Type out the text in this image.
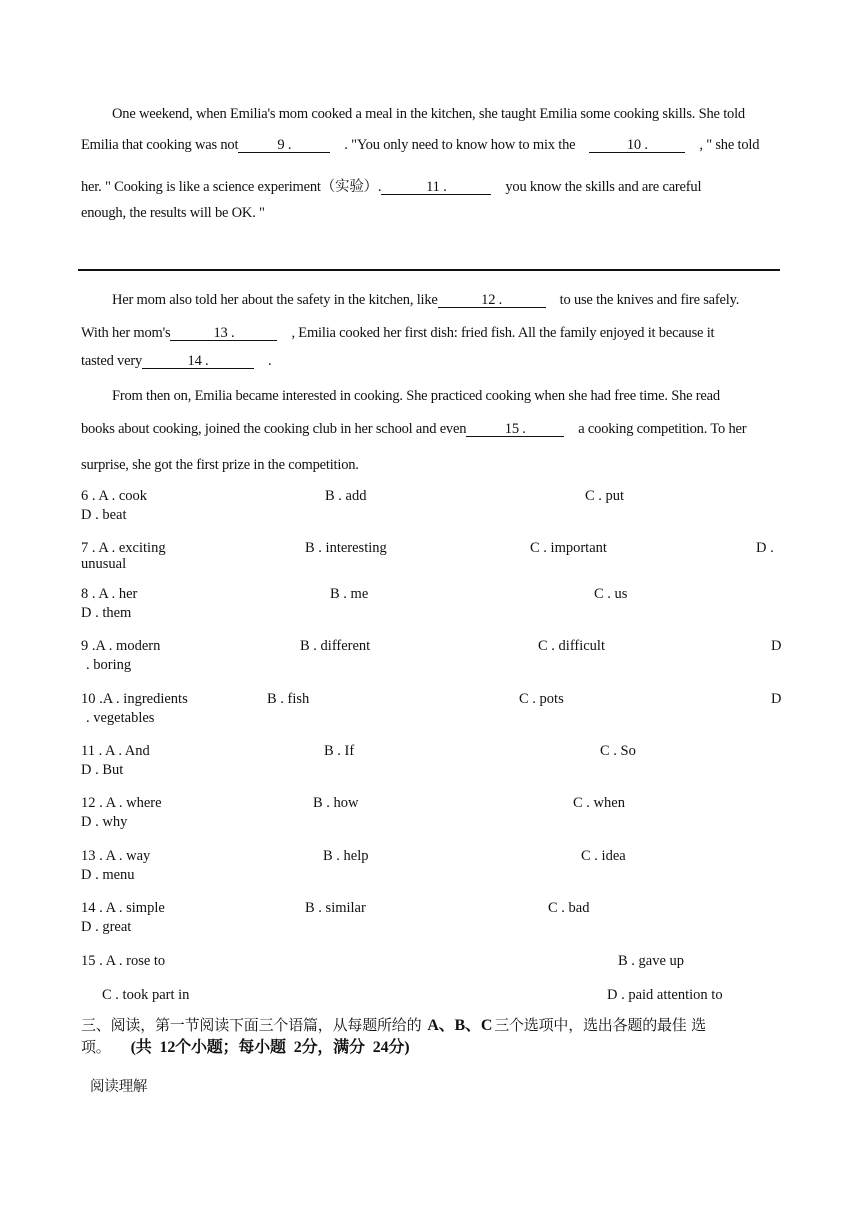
One weekend, when Emilia's mom cooked a meal in the kitchen, she taught Emilia some cooking skills. She told
Emilia that cooking was not	9 .	. "You only need to know how to mix the	10 .	, " she told
her. " Cooking is like a science experiment（实验）.	11 .	you know the skills and are careful
enough, the results will be OK. "
Her mom also told her about the safety in the kitchen, like	12 .	to use the knives and fire safely.
With her mom's	13 .	, Emilia cooked her first dish: fried fish. All the family enjoyed it because it
tasted very	14 .	.
From then on, Emilia became interested in cooking. She practiced cooking when she had free time. She read
books about cooking, joined the cooking club in her school and even	15 .	a cooking competition. To her
surprise, she got the first prize in the competition.
6 . A . cook	B . add	C . put
D . beat
7 . A . exciting	B . interesting	C . important	D .
unusual
8 . A . her	B . me	C . us
D . them
9 .A . modern	B . different	C . difficult	D
. boring
10 .A . ingredients	B . fish	C . pots	D
. vegetables
11 . A . And	B . If	C . So
D . But
12 . A . where	B . how	C . when
D . why
13 . A . way	B . help	C . idea
D . menu
14 . A . simple	B . similar	C . bad
D . great
15 . A . rose to	B . gave up
C . took part in	D . paid attention to
三、阅读，第一节阅读下面三个语篇，从每题所给的 A、B、C 三个选项中，选出各题的最佳 选
项。 (共 12个小题；每小题 2分，满分 24分)
阅读理解
